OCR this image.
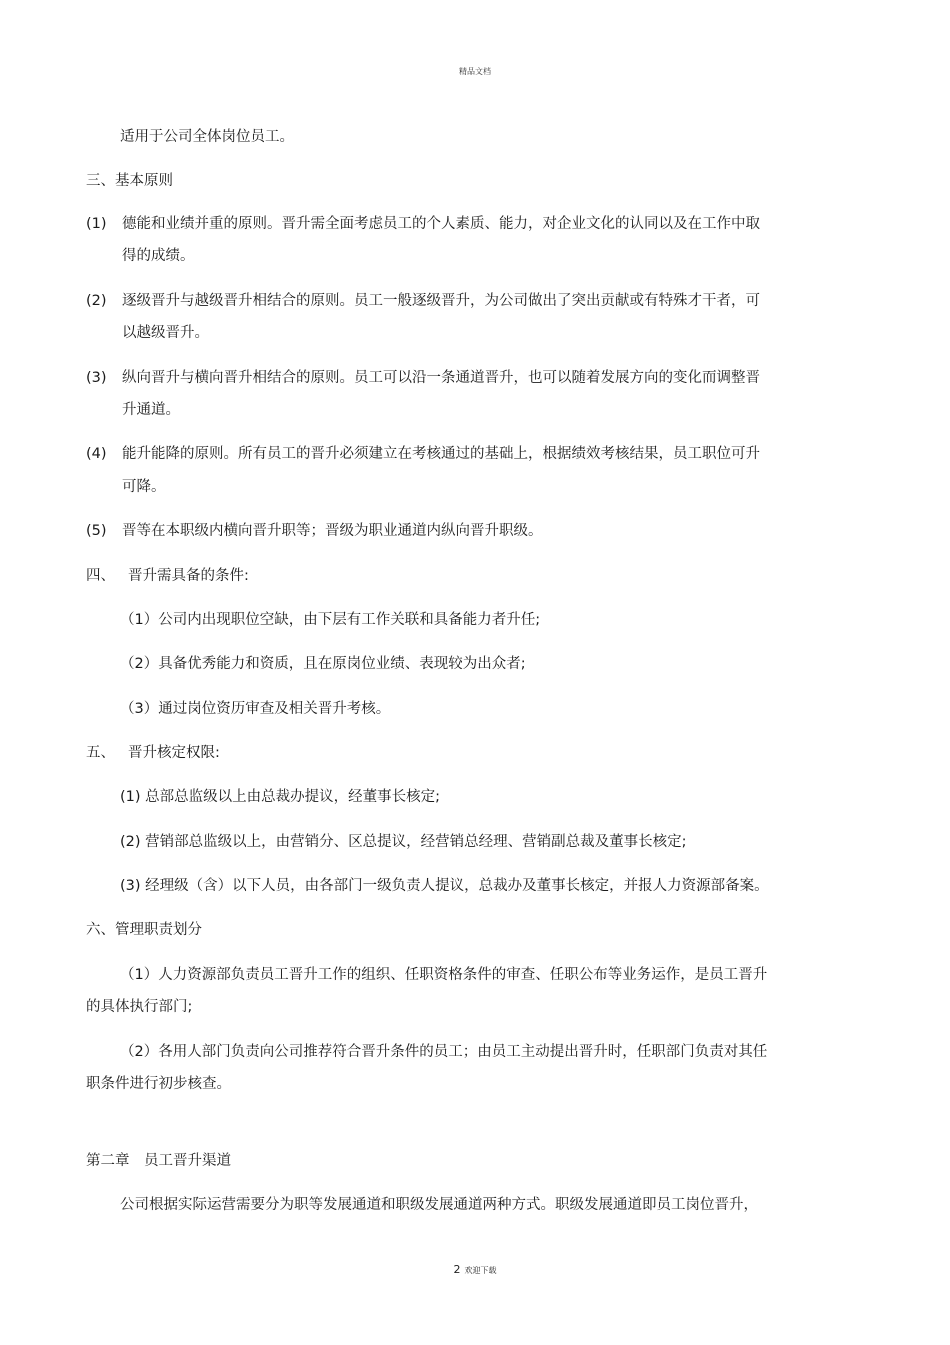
精品文档
适用于公司全体岗位员工。
三、基本原则
(1) 德能和业绩并重的原则。晋升需全面考虑员工的个人素质、能力，对企业文化的认同以及在工作中取
得的成绩。
(2) 逐级晋升与越级晋升相结合的原则。员工一般逐级晋升，为公司做出了突出贡献或有特殊才干者，可
以越级晋升。
(3) 纵向晋升与横向晋升相结合的原则。员工可以沿一条通道晋升，也可以随着发展方向的变化而调整晋
升通道。
(4) 能升能降的原则。所有员工的晋升必须建立在考核通过的基础上，根据绩效考核结果，员工职位可升
可降。
(5) 晋等在本职级内横向晋升职等；晋级为职业通道内纵向晋升职级。
四、 晋升需具备的条件:
（1）公司内出现职位空缺，由下层有工作关联和具备能力者升任;
（2）具备优秀能力和资质，且在原岗位业绩、表现较为出众者;
（3）通过岗位资历审查及相关晋升考核。
五、 晋升核定权限:
(1) 总部总监级以上由总裁办提议，经董事长核定;
(2) 营销部总监级以上，由营销分、区总提议，经营销总经理、营销副总裁及董事长核定;
(3) 经理级（含）以下人员，由各部门一级负责人提议，总裁办及董事长核定，并报人力资源部备案。
六、管理职责划分
（1）人力资源部负责员工晋升工作的组织、任职资格条件的审查、任职公布等业务运作，是员工晋升
的具体执行部门;
（2）各用人部门负责向公司推荐符合晋升条件的员工；由员工主动提出晋升时，任职部门负责对其任
职条件进行初步核查。
第二章　员工晋升渠道
公司根据实际运营需要分为职等发展通道和职级发展通道两种方式。职级发展通道即员工岗位晋升，
2 欢迎下载
